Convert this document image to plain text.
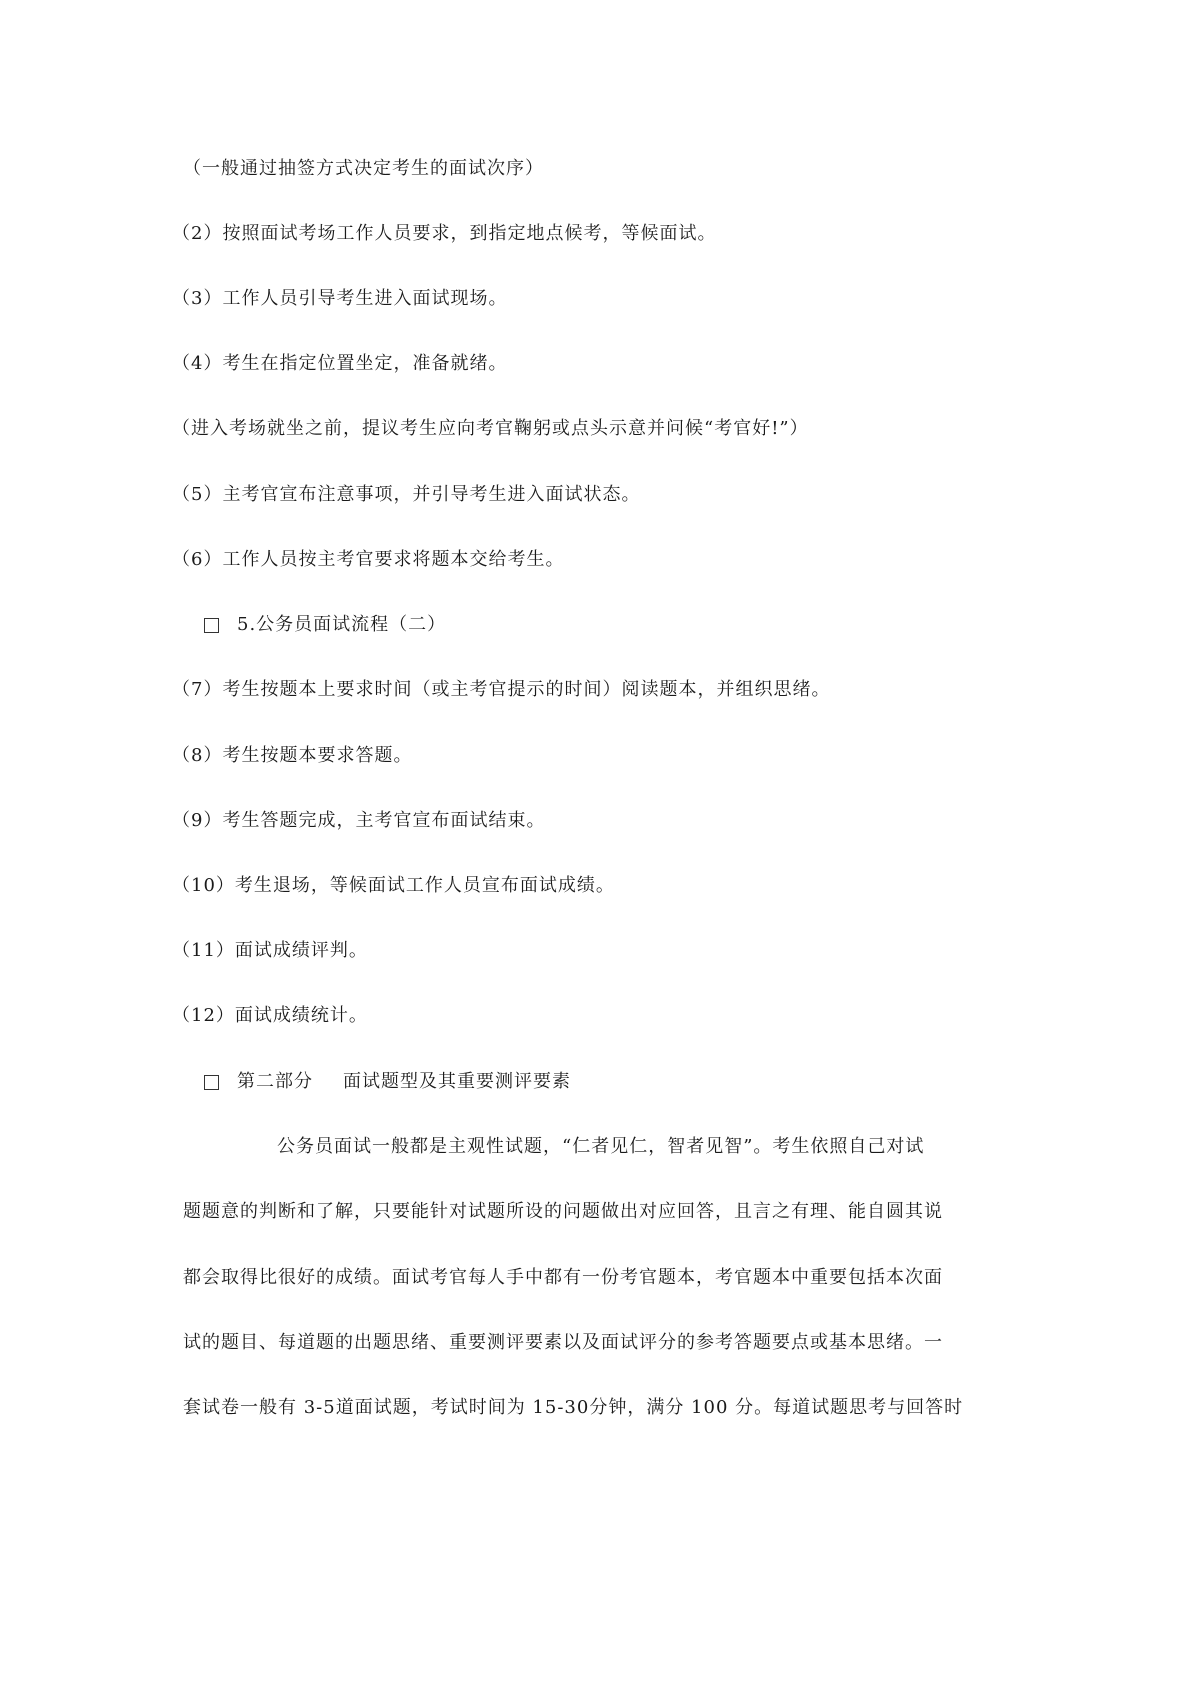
（一般通过抽签方式决定考生的面试次序）
（2）按照面试考场工作人员要求，到指定地点候考，等候面试。
（3）工作人员引导考生进入面试现场。
（4）考生在指定位置坐定，准备就绪。
（进入考场就坐之前，提议考生应向考官鞠躬或点头示意并问候“考官好!”）
（5）主考官宣布注意事项，并引导考生进入面试状态。
（6）工作人员按主考官要求将题本交给考生。
5.公务员面试流程（二）
（7）考生按题本上要求时间（或主考官提示的时间）阅读题本，并组织思绪。
（8）考生按题本要求答题。
（9）考生答题完成，主考官宣布面试结束。
（10）考生退场，等候面试工作人员宣布面试成绩。
（11）面试成绩评判。
（12）面试成绩统计。
第二部分 面试题型及其重要测评要素
公务员面试一般都是主观性试题，“仁者见仁，智者见智”。考生依照自己对试
题题意的判断和了解，只要能针对试题所设的问题做出对应回答，且言之有理、能自圆其说
都会取得比很好的成绩。面试考官每人手中都有一份考官题本，考官题本中重要包括本次面
试的题目、每道题的出题思绪、重要测评要素以及面试评分的参考答题要点或基本思绪。一
套试卷一般有 3-5道面试题，考试时间为 15-30分钟，满分 100 分。每道试题思考与回答时
